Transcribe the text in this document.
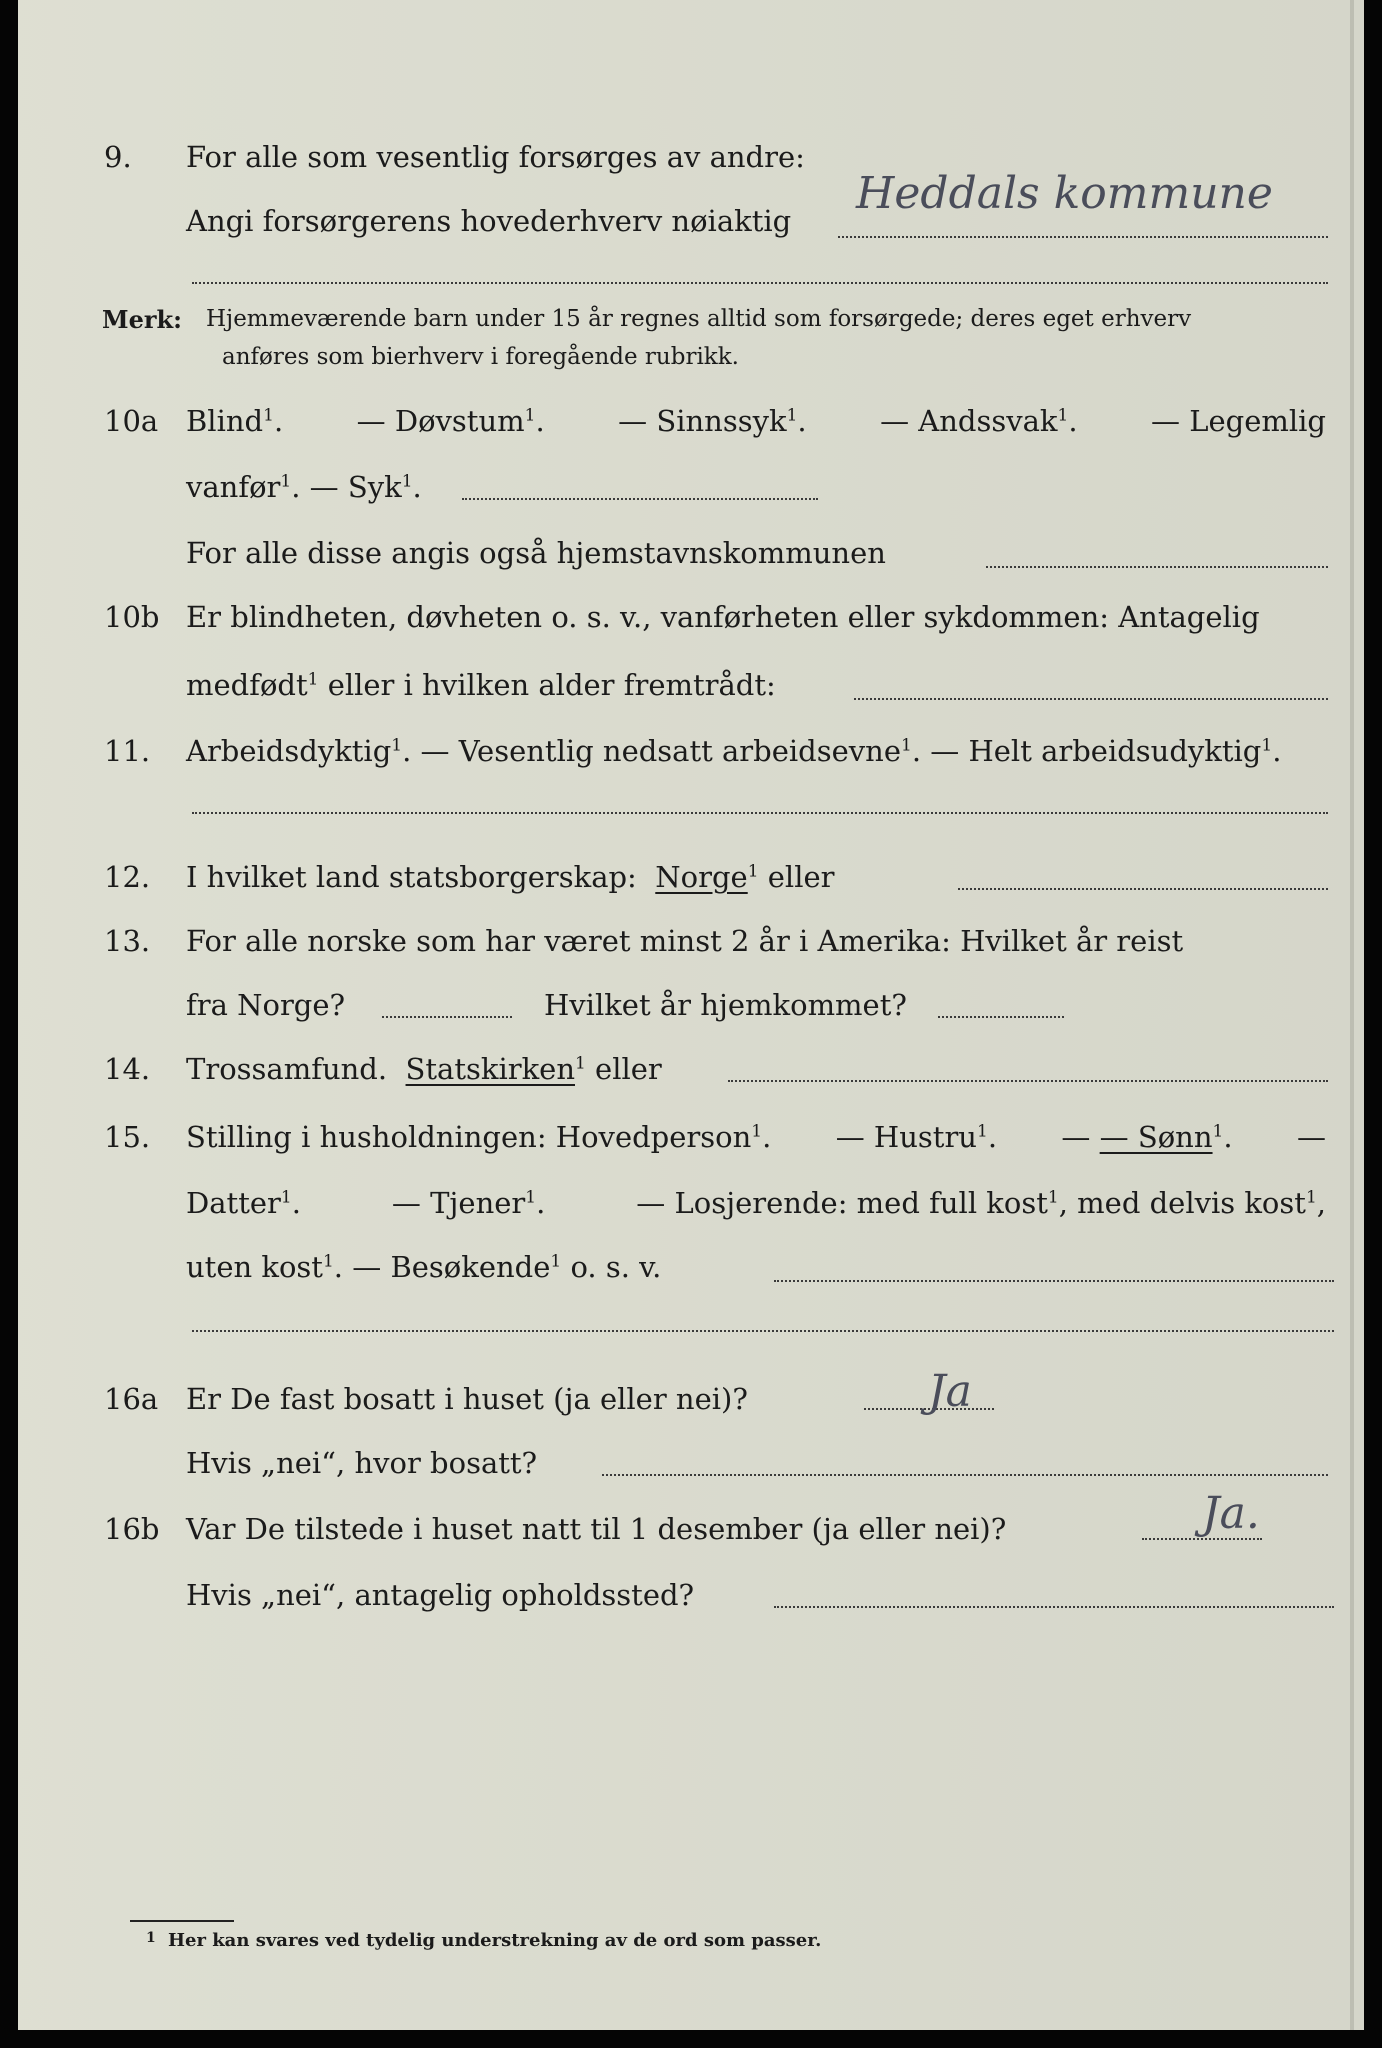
9. For alle som vesentlig forsørges av andre:
Angi forsørgerens hovederhverv nøiaktig
Heddals kommune
Merk: Hjemmeværende barn under 15 år regnes alltid som forsørgede; deres eget erhverv
anføres som bierhverv i foregående rubrikk.
10a Blind$^1$.	— Døvstum$^1$.	— Sinnssyk$^1$.	— Andssvak$^1$.	— Legemlig
vanfør$^1$. — Syk$^1$.
For alle disse angis også hjemstavnskommunen
10b Er blindheten, døvheten o. s. v., vanførheten eller sykdommen: Antagelig
medfødt$^1$ eller i hvilken alder fremtrådt:
11. Arbeidsdyktig$^1$. — Vesentlig nedsatt arbeidsevne$^1$. — Helt arbeidsudyktig$^1$.
12. I hvilket land statsborgerskap: Norge$^1$ eller
13. For alle norske som har været minst 2 år i Amerika: Hvilket år reist
fra Norge?	Hvilket år hjemkommet?
14. Trossamfund. Statskirken$^1$ eller
15. Stilling i husholdningen: Hovedperson$^1$. — Hustru$^1$. — — Sønn$^1$. —
Datter$^1$.	— Tjener$^1$.	— Losjerende: med full kost$^1$, med delvis kost$^1$,
uten kost$^1$. — Besøkende$^1$ o. s. v.
16a Er De fast bosatt i huset (ja eller nei)?	Ja
Hvis „nei“, hvor bosatt?
16b Var De tilstede i huset natt til 1 desember (ja eller nei)?	Ja.
Hvis „nei“, antagelig opholdssted?
1 Her kan svares ved tydelig understrekning av de ord som passer.
